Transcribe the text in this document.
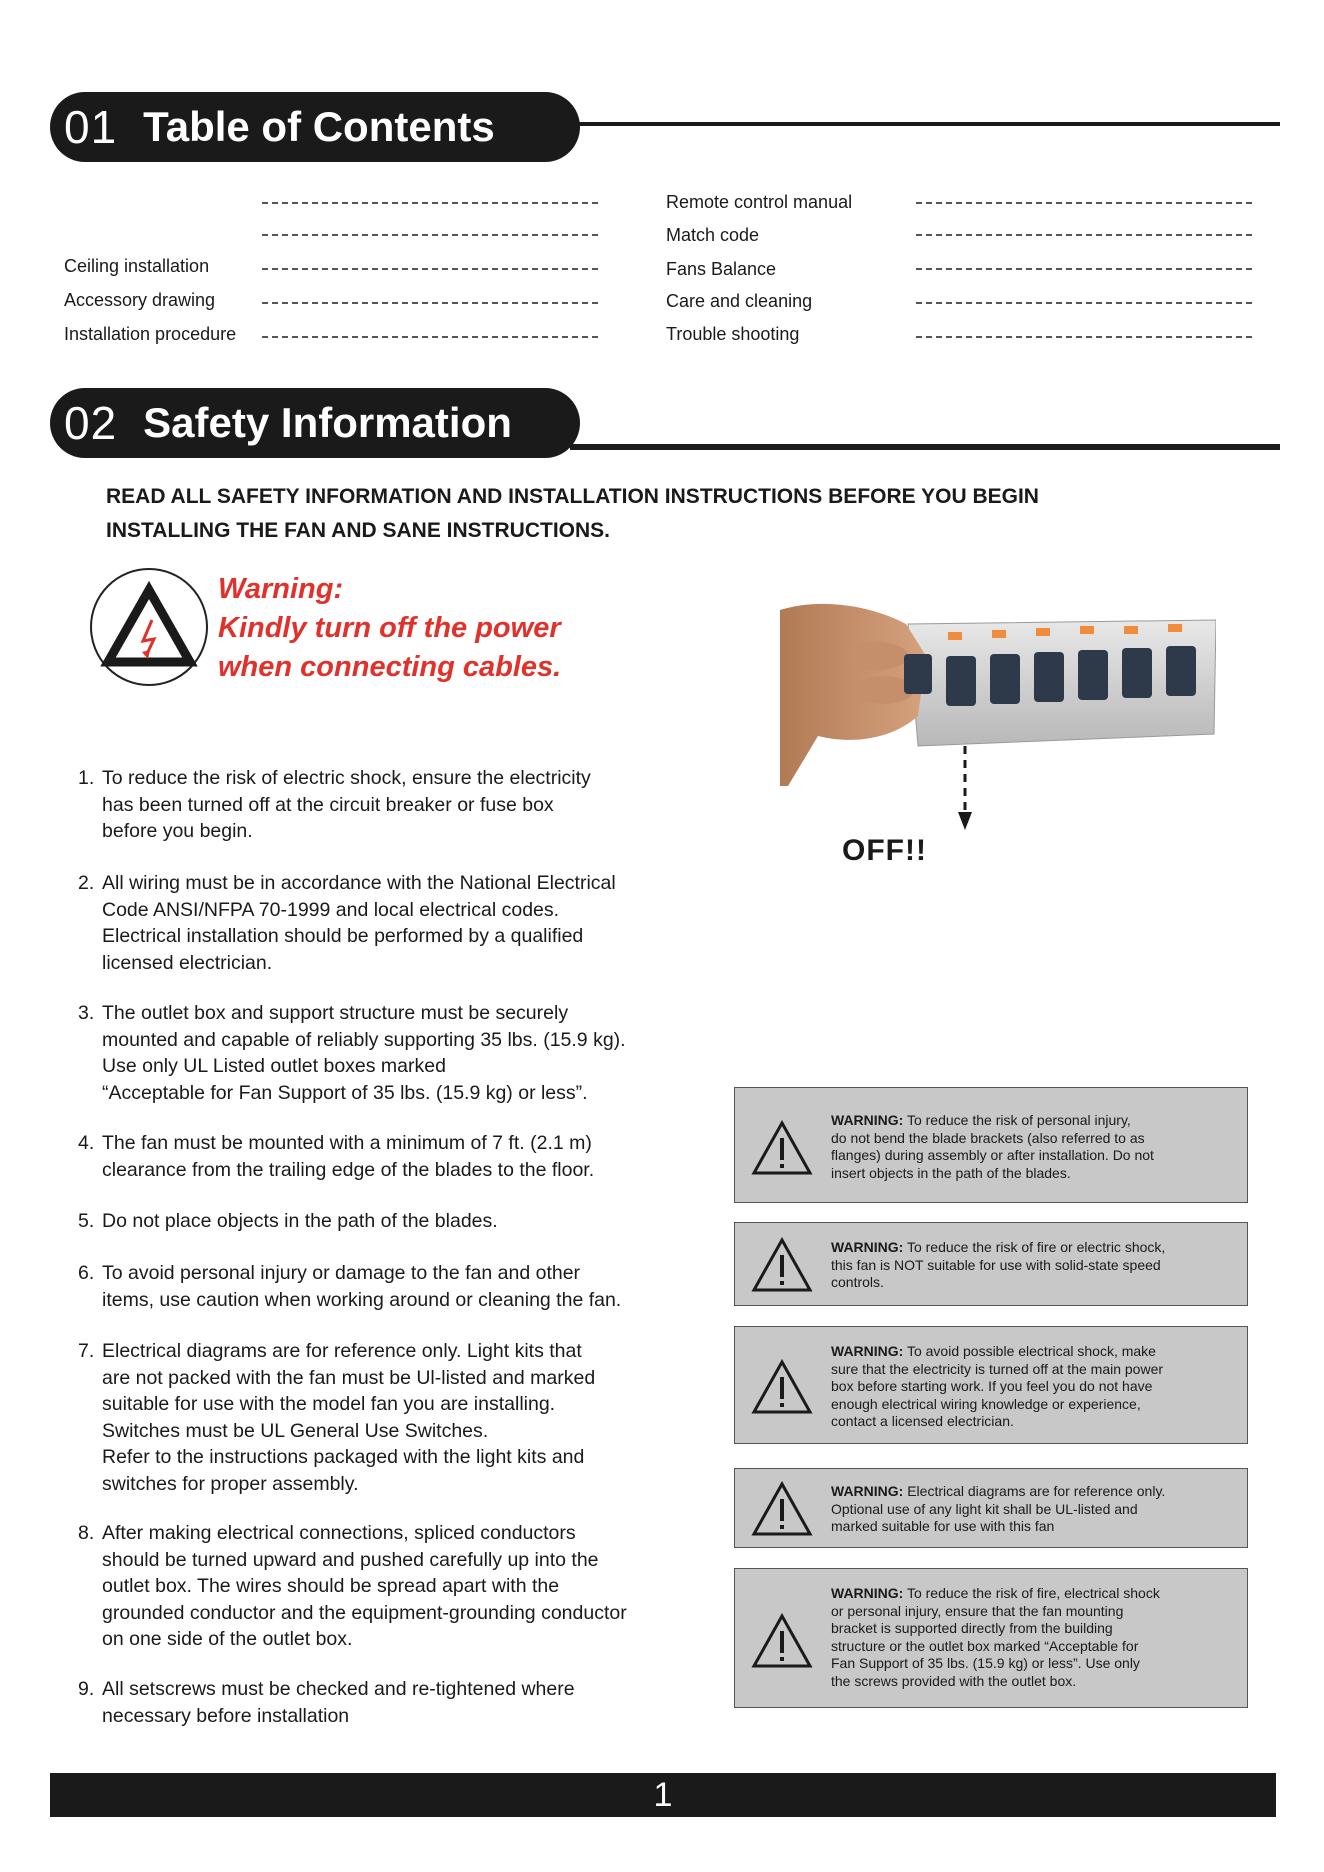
01 Table of Contents
Ceiling installation
Accessory drawing
Installation procedure
Remote control manual
Match code
Fans Balance
Care and cleaning
Trouble shooting
02 Safety Information
READ ALL SAFETY INFORMATION AND INSTALLATION INSTRUCTIONS BEFORE YOU BEGIN
INSTALLING THE FAN AND SANE INSTRUCTIONS.
Warning:
Kindly turn off the power
when connecting cables.
OFF!!
1. To reduce the risk of electric shock, ensure the electricity
has been turned off at the circuit breaker or fuse box
before you begin.
2. All wiring must be in accordance with the National Electrical
Code ANSI/NFPA 70-1999 and local electrical codes.
Electrical installation should be performed by a qualified
licensed electrician.
3. The outlet box and support structure must be securely
mounted and capable of reliably supporting 35 lbs. (15.9 kg).
Use only UL Listed outlet boxes marked
“Acceptable for Fan Support of 35 lbs. (15.9 kg) or less”.
4. The fan must be mounted with a minimum of 7 ft. (2.1 m)
clearance from the trailing edge of the blades to the floor.
5. Do not place objects in the path of the blades.
6. To avoid personal injury or damage to the fan and other
items, use caution when working around or cleaning the fan.
7. Electrical diagrams are for reference only. Light kits that
are not packed with the fan must be Ul-listed and marked
suitable for use with the model fan you are installing.
Switches must be UL General Use Switches.
Refer to the instructions packaged with the light kits and
switches for proper assembly.
8. After making electrical connections, spliced conductors
should be turned upward and pushed carefully up into the
outlet box. The wires should be spread apart with the
grounded conductor and the equipment-grounding conductor
on one side of the outlet box.
9. All setscrews must be checked and re-tightened where
necessary before installation
WARNING: To reduce the risk of personal injury,
do not bend the blade brackets (also referred to as
flanges) during assembly or after installation. Do not
insert objects in the path of the blades.
WARNING: To reduce the risk of fire or electric shock,
this fan is NOT suitable for use with solid-state speed
controls.
WARNING: To avoid possible electrical shock, make
sure that the electricity is turned off at the main power
box before starting work. If you feel you do not have
enough electrical wiring knowledge or experience,
contact a licensed electrician.
WARNING: Electrical diagrams are for reference only.
Optional use of any light kit shall be UL-listed and
marked suitable for use with this fan
WARNING: To reduce the risk of fire, electrical shock
or personal injury, ensure that the fan mounting
bracket is supported directly from the building
structure or the outlet box marked “Acceptable for
Fan Support of 35 lbs. (15.9 kg) or less”. Use only
the screws provided with the outlet box.
1
